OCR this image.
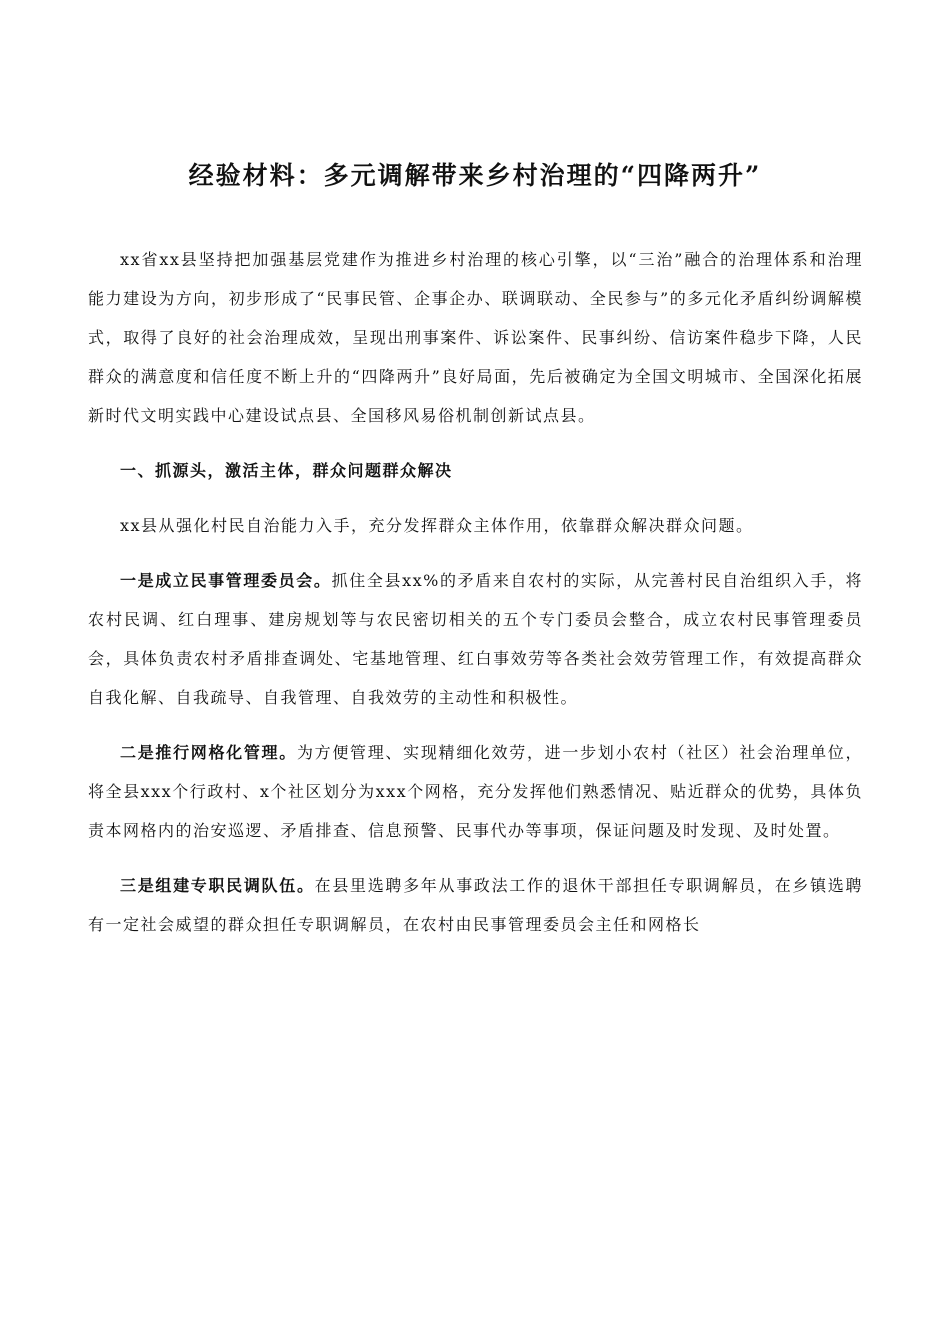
经验材料：多元调解带来乡村治理的“四降两升”

xx省xx县坚持把加强基层党建作为推进乡村治理的核心引擎，以“三治”融合的治理体系和治理能力建设为方向，初步形成了“民事民管、企事企办、联调联动、全民参与”的多元化矛盾纠纷调解模式，取得了良好的社会治理成效，呈现出刑事案件、诉讼案件、民事纠纷、信访案件稳步下降，人民群众的满意度和信任度不断上升的“四降两升”良好局面，先后被确定为全国文明城市、全国深化拓展新时代文明实践中心建设试点县、全国移风易俗机制创新试点县。

一、抓源头，激活主体，群众问题群众解决

xx县从强化村民自治能力入手，充分发挥群众主体作用，依靠群众解决群众问题。

一是成立民事管理委员会。抓住全县xx%的矛盾来自农村的实际，从完善村民自治组织入手，将农村民调、红白理事、建房规划等与农民密切相关的五个专门委员会整合，成立农村民事管理委员会，具体负责农村矛盾排查调处、宅基地管理、红白事效劳等各类社会效劳管理工作，有效提高群众自我化解、自我疏导、自我管理、自我效劳的主动性和积极性。

二是推行网格化管理。为方便管理、实现精细化效劳，进一步划小农村（社区）社会治理单位，将全县xxx个行政村、x个社区划分为xxx个网格，充分发挥他们熟悉情况、贴近群众的优势，具体负责本网格内的治安巡逻、矛盾排查、信息预警、民事代办等事项，保证问题及时发现、及时处置。

三是组建专职民调队伍。在县里选聘多年从事政法工作的退休干部担任专职调解员，在乡镇选聘有一定社会威望的群众担任专职调解员，在农村由民事管理委员会主任和网格长
